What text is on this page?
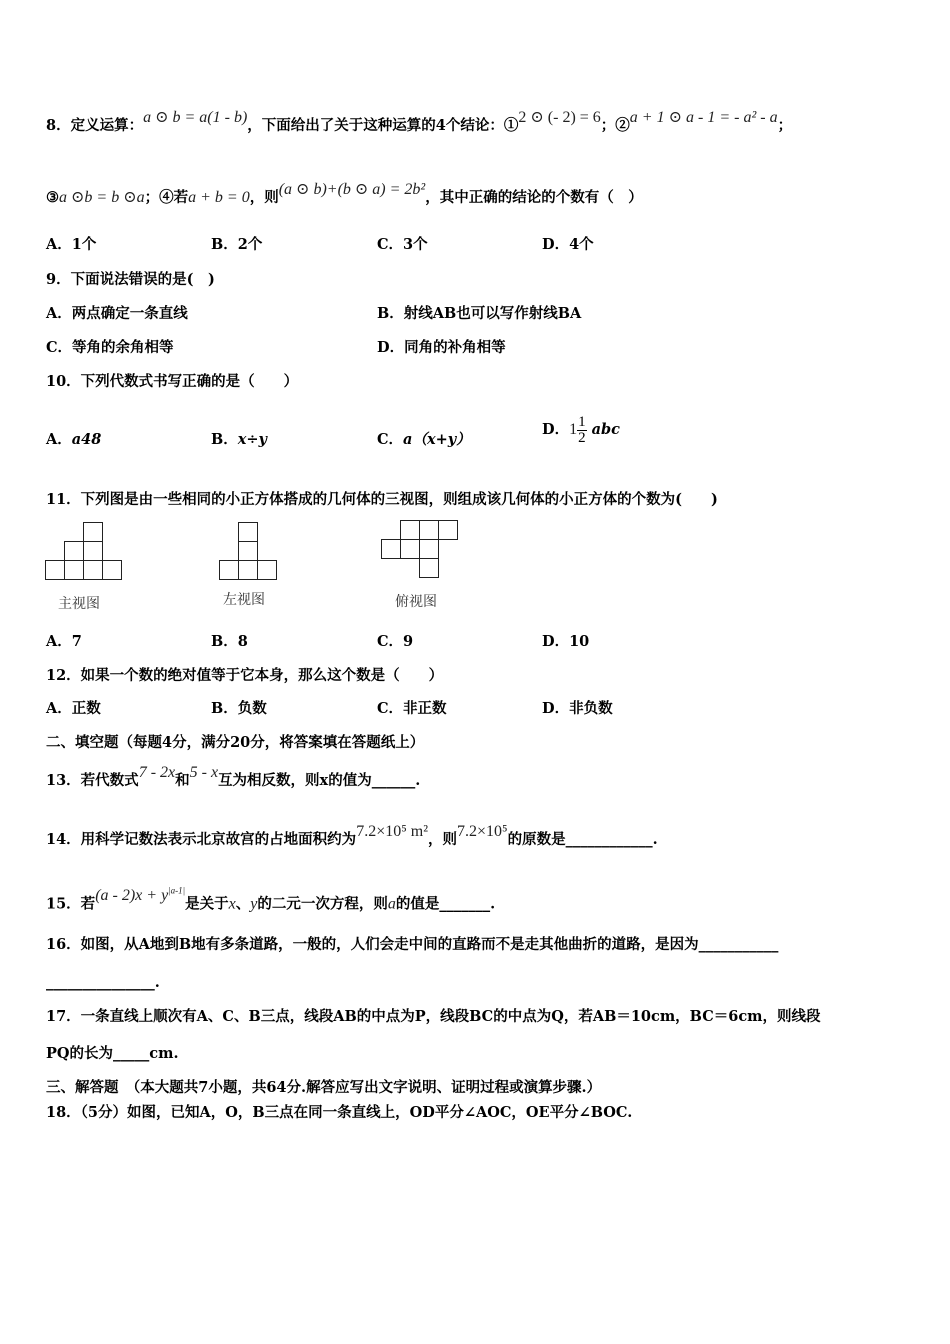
8．定义运算：a ⊙ b = a(1 - b)，下面给出了关于这种运算的4个结论：①2 ⊙ (- 2) = 6；②a + 1 ⊙ a - 1 = - a² - a；
③a ⊙b = b ⊙a；④若a + b = 0，则(a ⊙ b)+(b ⊙ a) = 2b²，其中正确的结论的个数有（　）
A．1个	B．2个	C．3个	D．4个
9．下面说法错误的是(　)
A．两点确定一条直线	B．射线AB也可以写作射线BA
C．等角的余角相等	D．同角的补角相等
10．下列代数式书写正确的是（　　）
A．a48	B．x÷y	C．a（x+y）
D．$1 \frac{1}{2}$ abc
11．下列图是由一些相同的小正方体搭成的几何体的三视图，则组成该几何体的小正方体的个数为(　　)
主视图	左视图	俯视图
A．7	B．8	C．9	D．10
12．如果一个数的绝对值等于它本身，那么这个数是（　　）
A．正数	B．负数	C．非正数	D．非负数
二、填空题（每题4分，满分20分，将答案填在答题纸上）
13．若代数式7 - 2x和5 - x互为相反数，则x的值为______.
14．用科学记数法表示北京故宫的占地面积约为7.2×10⁵ m²，则7.2×10⁵的原数是____________.
15．若$(a - 2)x + y^{|a-1|}$是关于x、y的二元一次方程，则a的值是_______.
16．如图，从A地到B地有多条道路，一般的，人们会走中间的直路而不是走其他曲折的道路，是因为___________
_______________.
17．一条直线上顺次有A、C、B三点，线段AB的中点为P，线段BC的中点为Q，若AB＝10cm，BC＝6cm，则线段
PQ的长为_____cm.
三、解答题　（本大题共7小题，共64分.解答应写出文字说明、证明过程或演算步骤.）
18．（5分）如图，已知A，O，B三点在同一条直线上，OD平分∠AOC，OE平分∠BOC.
